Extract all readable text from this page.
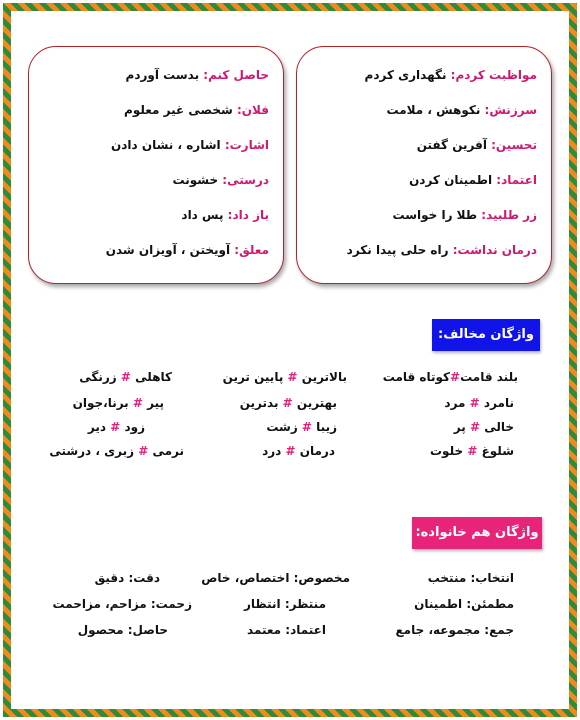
مواظبت کردم: نگهداری کردم
سرزنش: نکوهش ، ملامت
تحسین: آفرین گفتن
اعتماد: اطمینان کردن
زر طلبید: طلا را خواست
درمان نداشت: راه حلی پیدا نکرد
حاصل کنم: بدست آوردم
فلان: شخصی غیر معلوم
اشارت: اشاره ، نشان دادن
درستی: خشونت
باز داد: پس داد
معلق: آویختن ، آویزان شدن
واژگان مخالف:
بلند قامت#کوتاه قامت
بالاترین # پایین ترین
کاهلی # زرنگی
نامرد # مرد
بهترین # بدترین
پیر # برنا،جوان
خالی # پر
زیبا # زشت
زود # دیر
شلوغ # خلوت
درمان # درد
نرمی # زبری ، درشتی
واژگان هم خانواده:
انتخاب: منتخب
مخصوص: اختصاص، خاص
دقت: دقیق
مطمئن: اطمینان
منتظر: انتظار
زحمت: مزاحم، مزاحمت
جمع: مجموعه، جامع
اعتماد: معتمد
حاصل: محصول
